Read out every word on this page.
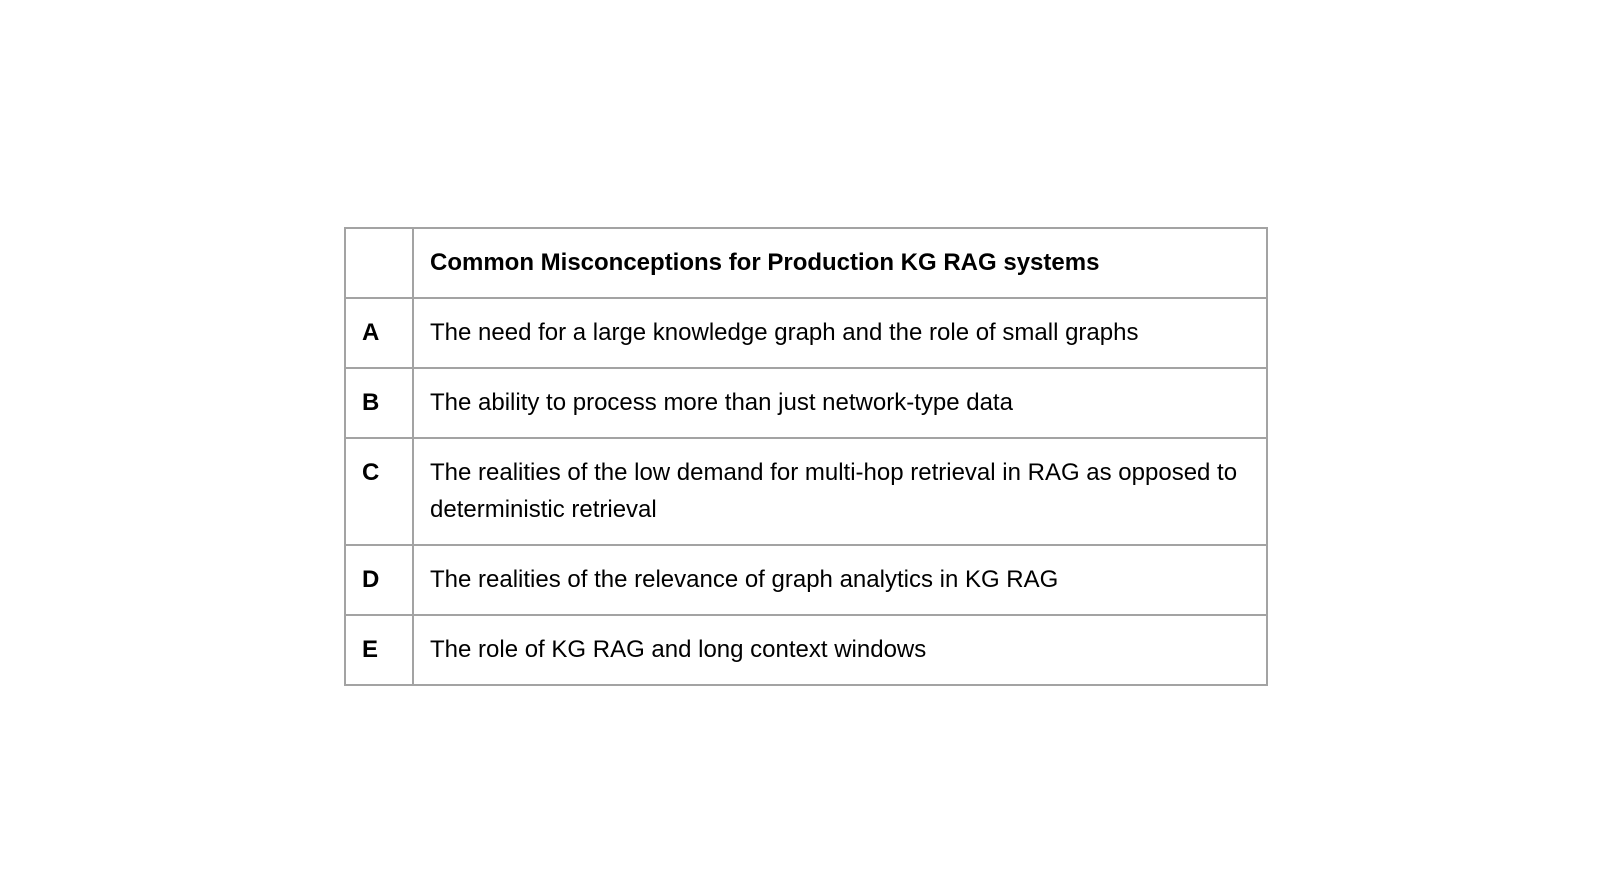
	Common Misconceptions for Production KG RAG systems
A	The need for a large knowledge graph and the role of small graphs
B	The ability to process more than just network-type data
C	The realities of the low demand for multi-hop retrieval in RAG as opposed to deterministic retrieval
D	The realities of the relevance of graph analytics in KG RAG
E	The role of KG RAG and long context windows
